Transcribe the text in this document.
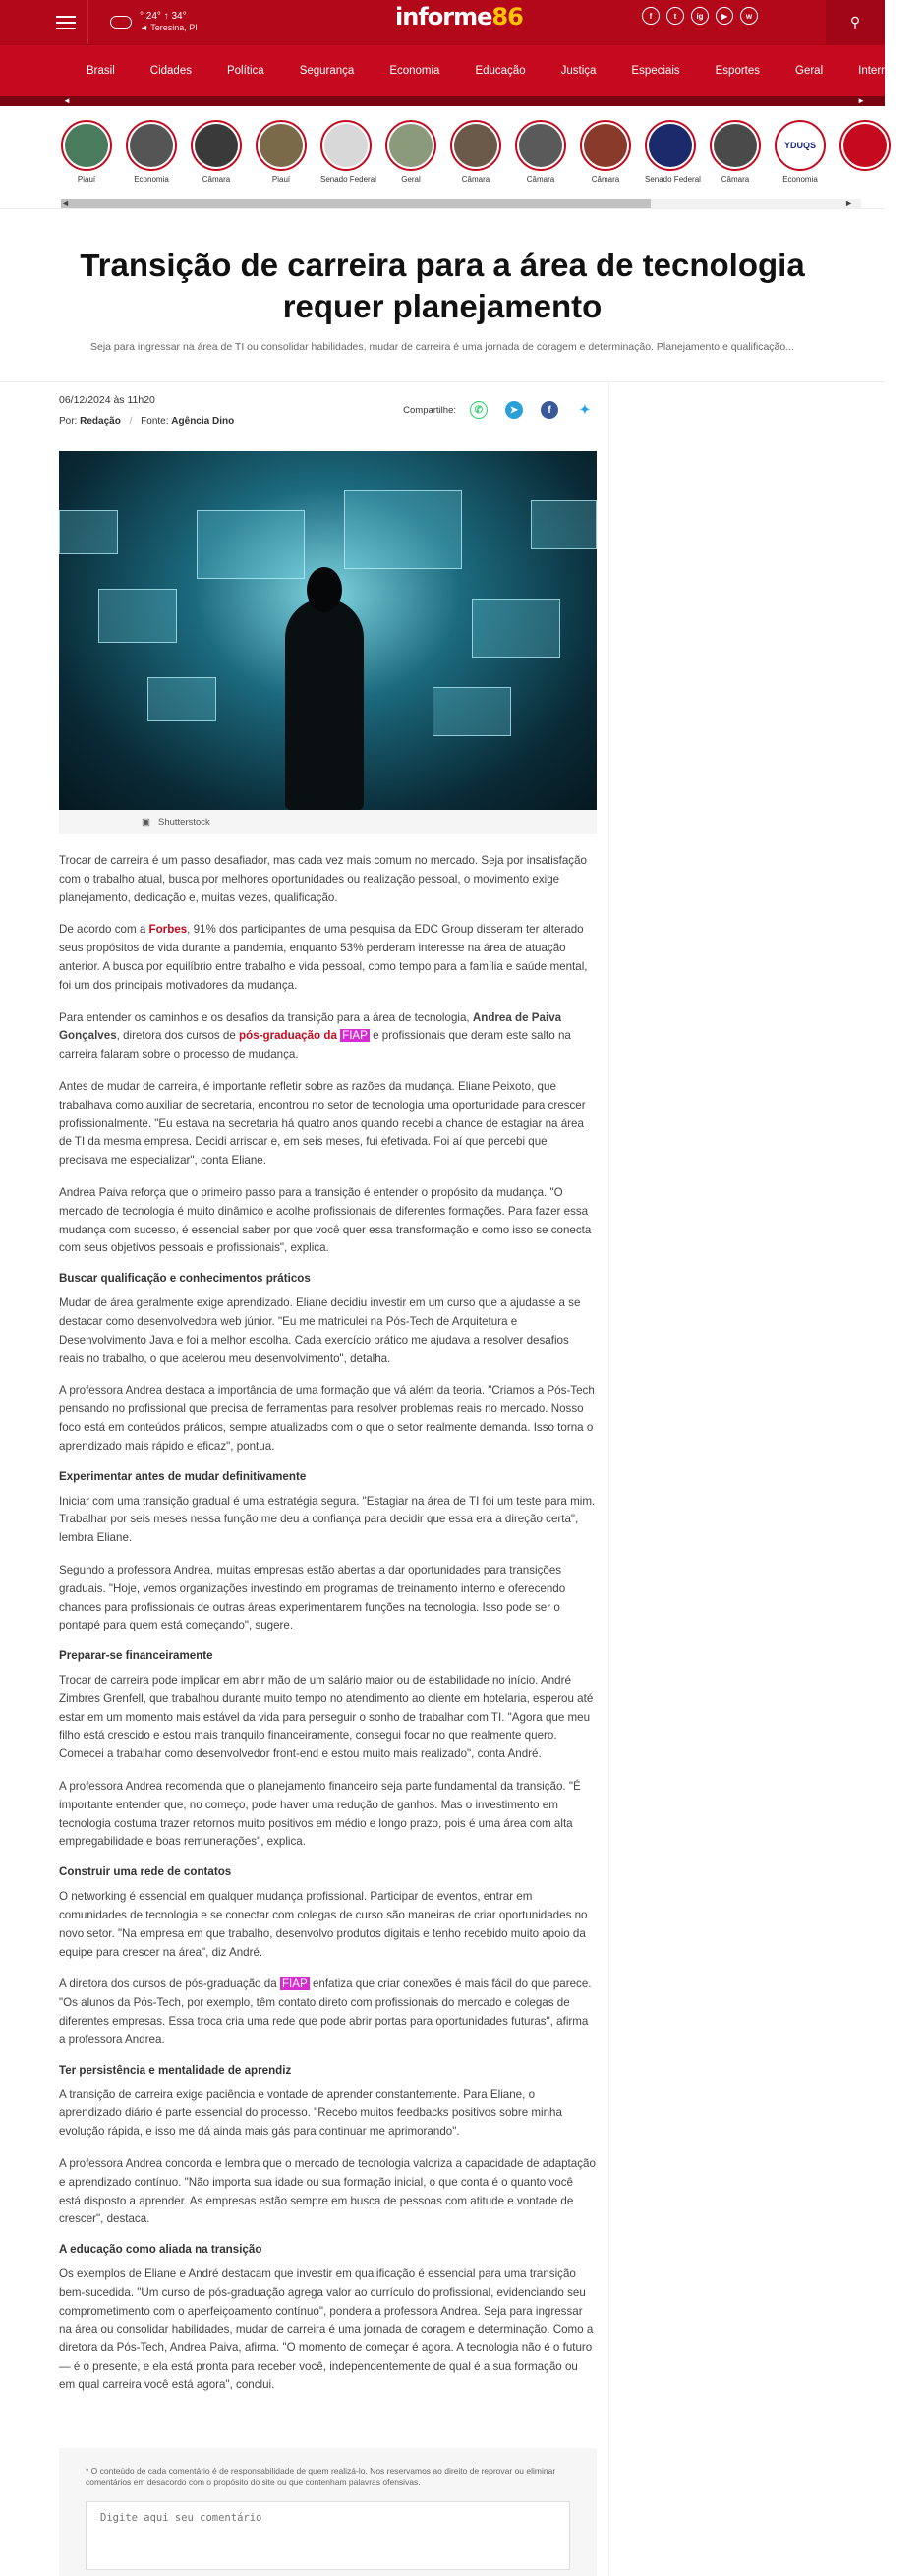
° 24° ↑ 34°
◄ Teresina, PI	informe86	f	t	ig	▶	w	⚲
Brasil	Cidades	Política	Segurança	Economia	Educação	Justiça	Especiais	Esportes	Geral	Internacional
◄	►
Piauí	Economia	Câmara	Piauí	Senado Federal	Geral	Câmara	Câmara	Câmara	Senado Federal	Câmara
YDUQS
Economia
◄	►
Transição de carreira para a área de tecnologia requer planejamento

Seja para ingressar na área de TI ou consolidar habilidades, mudar de carreira é uma jornada de coragem e determinação. Planejamento e qualificação...

06/12/2024 às 11h20
Por: Redação / Fonte: Agência Dino
Compartilhe:	✆	➤	f	✦
▣ Shutterstock

Trocar de carreira é um passo desafiador, mas cada vez mais comum no mercado. Seja por insatisfação com o trabalho atual, busca por melhores oportunidades ou realização pessoal, o movimento exige planejamento, dedicação e, muitas vezes, qualificação.

De acordo com a Forbes, 91% dos participantes de uma pesquisa da EDC Group disseram ter alterado seus propósitos de vida durante a pandemia, enquanto 53% perderam interesse na área de atuação anterior. A busca por equilíbrio entre trabalho e vida pessoal, como tempo para a família e saúde mental, foi um dos principais motivadores da mudança.

Para entender os caminhos e os desafios da transição para a área de tecnologia, Andrea de Paiva Gonçalves, diretora dos cursos de pós-graduação da FIAP e profissionais que deram este salto na carreira falaram sobre o processo de mudança.

Antes de mudar de carreira, é importante refletir sobre as razões da mudança. Eliane Peixoto, que trabalhava como auxiliar de secretaria, encontrou no setor de tecnologia uma oportunidade para crescer profissionalmente. "Eu estava na secretaria há quatro anos quando recebi a chance de estagiar na área de TI da mesma empresa. Decidi arriscar e, em seis meses, fui efetivada. Foi aí que percebi que precisava me especializar", conta Eliane.

Andrea Paiva reforça que o primeiro passo para a transição é entender o propósito da mudança. "O mercado de tecnologia é muito dinâmico e acolhe profissionais de diferentes formações. Para fazer essa mudança com sucesso, é essencial saber por que você quer essa transformação e como isso se conecta com seus objetivos pessoais e profissionais", explica.

Buscar qualificação e conhecimentos práticos

Mudar de área geralmente exige aprendizado. Eliane decidiu investir em um curso que a ajudasse a se destacar como desenvolvedora web júnior. "Eu me matriculei na Pós-Tech de Arquitetura e Desenvolvimento Java e foi a melhor escolha. Cada exercício prático me ajudava a resolver desafios reais no trabalho, o que acelerou meu desenvolvimento", detalha.

A professora Andrea destaca a importância de uma formação que vá além da teoria. "Criamos a Pós-Tech pensando no profissional que precisa de ferramentas para resolver problemas reais no mercado. Nosso foco está em conteúdos práticos, sempre atualizados com o que o setor realmente demanda. Isso torna o aprendizado mais rápido e eficaz", pontua.

Experimentar antes de mudar definitivamente

Iniciar com uma transição gradual é uma estratégia segura. "Estagiar na área de TI foi um teste para mim. Trabalhar por seis meses nessa função me deu a confiança para decidir que essa era a direção certa", lembra Eliane.

Segundo a professora Andrea, muitas empresas estão abertas a dar oportunidades para transições graduais. "Hoje, vemos organizações investindo em programas de treinamento interno e oferecendo chances para profissionais de outras áreas experimentarem funções na tecnologia. Isso pode ser o pontapé para quem está começando", sugere.

Preparar-se financeiramente

Trocar de carreira pode implicar em abrir mão de um salário maior ou de estabilidade no início. André Zimbres Grenfell, que trabalhou durante muito tempo no atendimento ao cliente em hotelaria, esperou até estar em um momento mais estável da vida para perseguir o sonho de trabalhar com TI. "Agora que meu filho está crescido e estou mais tranquilo financeiramente, consegui focar no que realmente quero. Comecei a trabalhar como desenvolvedor front-end e estou muito mais realizado", conta André.

A professora Andrea recomenda que o planejamento financeiro seja parte fundamental da transição. "É importante entender que, no começo, pode haver uma redução de ganhos. Mas o investimento em tecnologia costuma trazer retornos muito positivos em médio e longo prazo, pois é uma área com alta empregabilidade e boas remunerações", explica.

Construir uma rede de contatos

O networking é essencial em qualquer mudança profissional. Participar de eventos, entrar em comunidades de tecnologia e se conectar com colegas de curso são maneiras de criar oportunidades no novo setor. "Na empresa em que trabalho, desenvolvo produtos digitais e tenho recebido muito apoio da equipe para crescer na área", diz André.

A diretora dos cursos de pós-graduação da FIAP enfatiza que criar conexões é mais fácil do que parece. "Os alunos da Pós-Tech, por exemplo, têm contato direto com profissionais do mercado e colegas de diferentes empresas. Essa troca cria uma rede que pode abrir portas para oportunidades futuras", afirma a professora Andrea.

Ter persistência e mentalidade de aprendiz

A transição de carreira exige paciência e vontade de aprender constantemente. Para Eliane, o aprendizado diário é parte essencial do processo. "Recebo muitos feedbacks positivos sobre minha evolução rápida, e isso me dá ainda mais gás para continuar me aprimorando".

A professora Andrea concorda e lembra que o mercado de tecnologia valoriza a capacidade de adaptação e aprendizado contínuo. "Não importa sua idade ou sua formação inicial, o que conta é o quanto você está disposto a aprender. As empresas estão sempre em busca de pessoas com atitude e vontade de crescer", destaca.

A educação como aliada na transição

Os exemplos de Eliane e André destacam que investir em qualificação é essencial para uma transição bem-sucedida. "Um curso de pós-graduação agrega valor ao currículo do profissional, evidenciando seu comprometimento com o aperfeiçoamento contínuo", pondera a professora Andrea. Seja para ingressar na área ou consolidar habilidades, mudar de carreira é uma jornada de coragem e determinação. Como a diretora da Pós-Tech, Andrea Paiva, afirma. "O momento de começar é agora. A tecnologia não é o futuro — é o presente, e ela está pronta para receber você, independentemente de qual é a sua formação ou em qual carreira você está agora", conclui.

* O conteúdo de cada comentário é de responsabilidade de quem realizá-lo. Nos reservamos ao direito de reprovar ou eliminar comentários em desacordo com o propósito do site ou que contenham palavras ofensivas.

Digite aqui seu comentário
